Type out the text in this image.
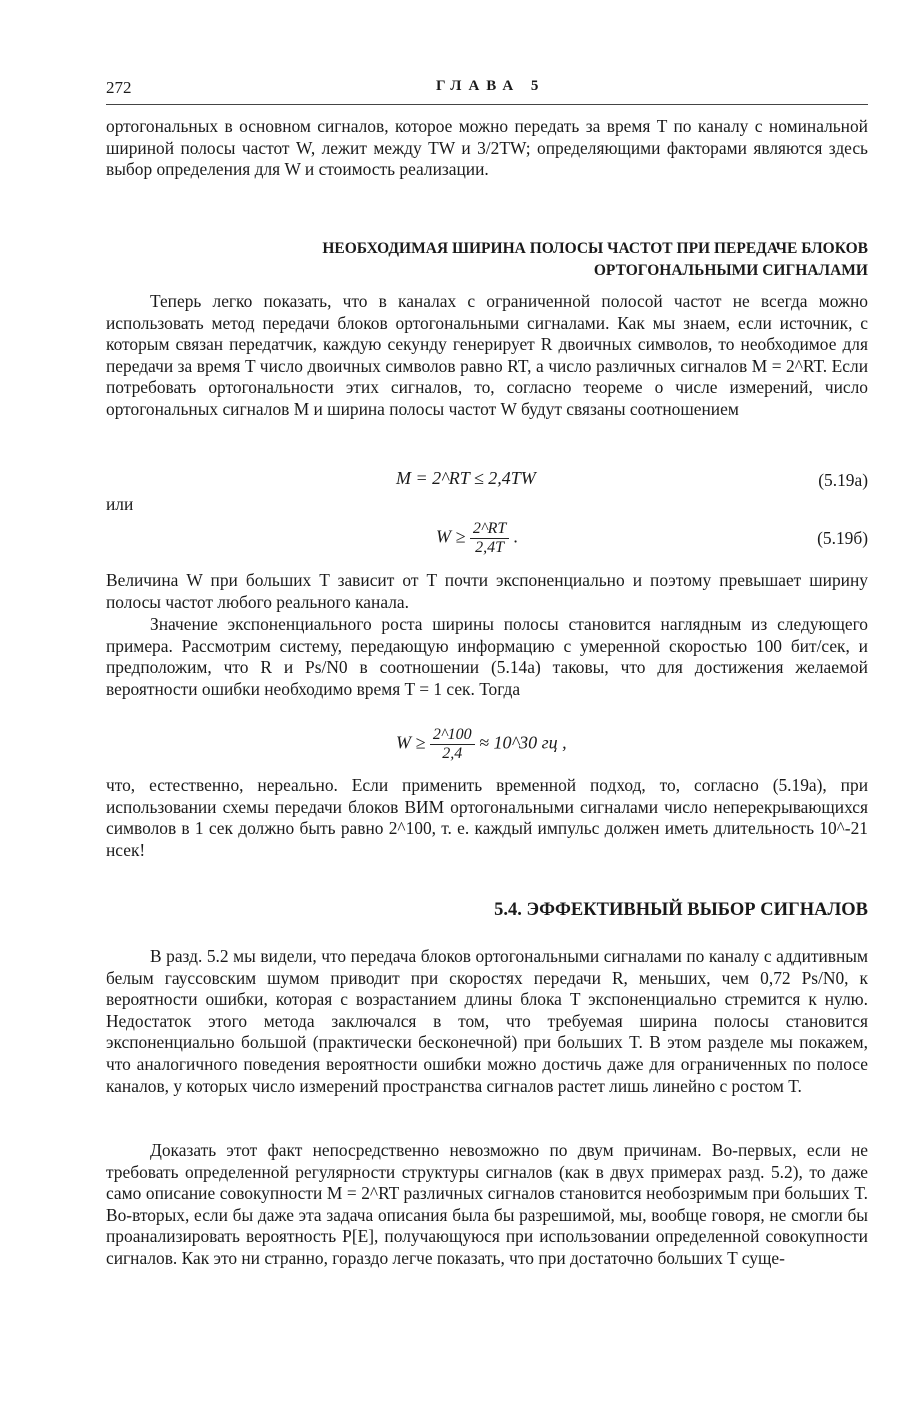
272	ГЛАВА 5

ортогональных в основном сигналов, которое можно передать за время T по каналу с номинальной шириной полосы частот W, лежит между TW и 3/2TW; определяющими факторами являются здесь выбор определения для W и стоимость реализации.

НЕОБХОДИМАЯ ШИРИНА ПОЛОСЫ ЧАСТОТ ПРИ ПЕРЕДАЧЕ БЛОКОВ

ОРТОГОНАЛЬНЫМИ СИГНАЛАМИ

Теперь легко показать, что в каналах с ограниченной полосой частот не всегда можно использовать метод передачи блоков ортогональными сигналами. Как мы знаем, если источник, с которым связан передатчик, каждую секунду генерирует R двоичных символов, то необходимое для передачи за время T число двоичных символов равно RT, а число различных сигналов M = 2^RT. Если потребовать ортогональности этих сигналов, то, согласно теореме о числе измерений, число ортогональных сигналов M и ширина полосы частот W будут связаны соотношением

M = 2^RT ≤ 2,4TW	(5.19а)
или
$W \ge \frac{2\^{}RT}{2,4T}$ .	(5.19б)

Величина W при больших T зависит от T почти экспоненциально и поэтому превышает ширину полосы частот любого реального канала.

Значение экспоненциального роста ширины полосы становится наглядным из следующего примера. Рассмотрим систему, передающую информацию с умеренной скоростью 100 бит/сек, и предположим, что R и Ps/N0 в соотношении (5.14а) таковы, что для достижения желаемой вероятности ошибки необходимо время T = 1 сек. Тогда

$W \ge \frac{2\^{}100}{2,4}$ ≈ 10^30 гц ,

что, естественно, нереально. Если применить временной подход, то, согласно (5.19а), при использовании схемы передачи блоков ВИМ ортогональными сигналами число неперекрывающихся символов в 1 сек должно быть равно 2^100, т. е. каждый импульс должен иметь длительность 10^-21 нсек!

5.4. ЭФФЕКТИВНЫЙ ВЫБОР СИГНАЛОВ

В разд. 5.2 мы видели, что передача блоков ортогональными сигналами по каналу с аддитивным белым гауссовским шумом приводит при скоростях передачи R, меньших, чем 0,72 Ps/N0, к вероятности ошибки, которая с возрастанием длины блока T экспоненциально стремится к нулю. Недостаток этого метода заключался в том, что требуемая ширина полосы становится экспоненциально большой (практически бесконечной) при больших T. В этом разделе мы покажем, что аналогичного поведения вероятности ошибки можно достичь даже для ограниченных по полосе каналов, у которых число измерений пространства сигналов растет лишь линейно с ростом T.

Доказать этот факт непосредственно невозможно по двум причинам. Во-первых, если не требовать определенной регулярности структуры сигналов (как в двух примерах разд. 5.2), то даже само описание совокупности M = 2^RT различных сигналов становится необозримым при больших T. Во-вторых, если бы даже эта задача описания была бы разрешимой, мы, вообще говоря, не смогли бы проанализировать вероятность P[E], получающуюся при использовании определенной совокупности сигналов. Как это ни странно, гораздо легче показать, что при достаточно больших T суще-
